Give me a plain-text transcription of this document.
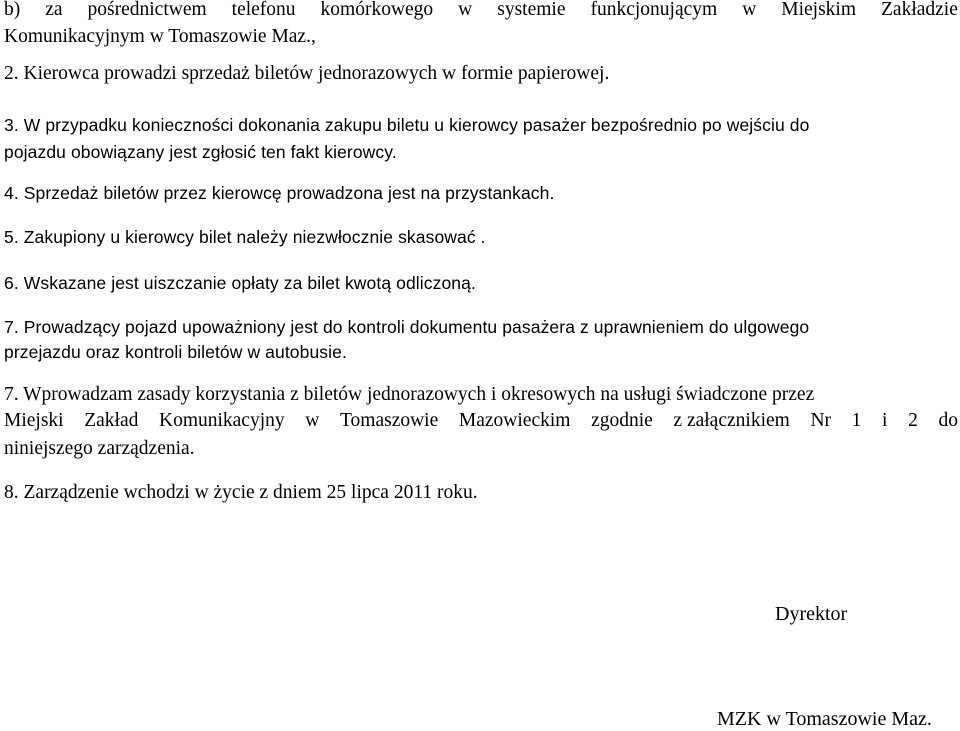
b) za pośrednictwem telefonu komórkowego w systemie funkcjonującym w Miejskim Zakładzie
Komunikacyjnym w Tomaszowie Maz.,
2. Kierowca prowadzi sprzedaż biletów jednorazowych w formie papierowej.
3. W przypadku konieczności dokonania zakupu biletu u kierowcy pasażer bezpośrednio po wejściu do
pojazdu obowiązany jest zgłosić ten fakt kierowcy.
4. Sprzedaż biletów przez kierowcę prowadzona jest na przystankach.
5. Zakupiony u kierowcy bilet należy niezwłocznie skasować .
6. Wskazane jest uiszczanie opłaty za bilet kwotą odliczoną.
7. Prowadzący pojazd upoważniony jest do kontroli dokumentu pasażera z uprawnieniem do ulgowego
przejazdu oraz kontroli biletów w autobusie.
7. Wprowadzam zasady korzystania z biletów jednorazowych i okresowych na usługi świadczone przez
Miejski Zakład Komunikacyjny w Tomaszowie Mazowieckim zgodnie z załącznikiem Nr 1 i 2 do
niniejszego zarządzenia.
8. Zarządzenie wchodzi w życie z dniem 25 lipca 2011 roku.
Dyrektor
MZK w Tomaszowie Maz.
